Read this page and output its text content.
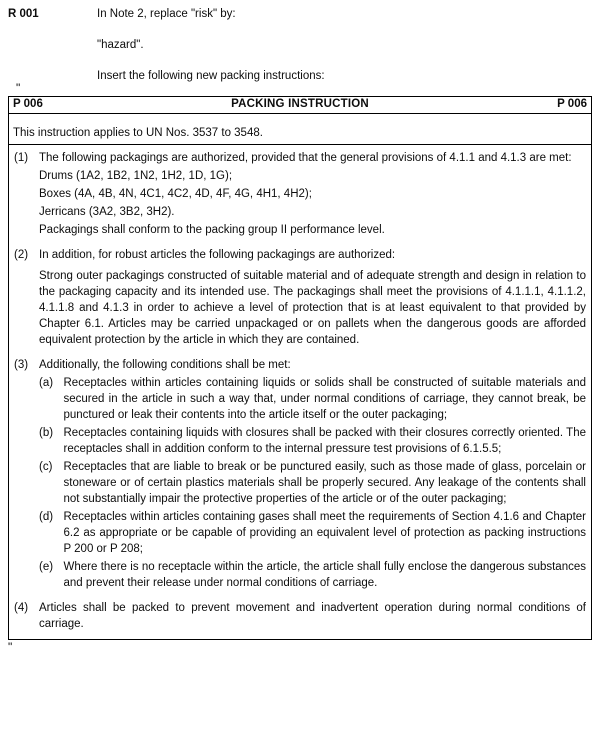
R 001	In Note 2, replace "risk" by:

"hazard".

Insert the following new packing instructions:

"
P 006	PACKING INSTRUCTION	P 006
This instruction applies to UN Nos. 3537 to 3548.
(1) The following packagings are authorized, provided that the general provisions of 4.1.1 and 4.1.3 are met:
Drums (1A2, 1B2, 1N2, 1H2, 1D, 1G);
Boxes (4A, 4B, 4N, 4C1, 4C2, 4D, 4F, 4G, 4H1, 4H2);
Jerricans (3A2, 3B2, 3H2).
Packagings shall conform to the packing group II performance level.
(2) In addition, for robust articles the following packagings are authorized:
Strong outer packagings constructed of suitable material and of adequate strength and design in relation to the packaging capacity and its intended use. The packagings shall meet the provisions of 4.1.1.1, 4.1.1.2, 4.1.1.8 and 4.1.3 in order to achieve a level of protection that is at least equivalent to that provided by Chapter 6.1. Articles may be carried unpackaged or on pallets when the dangerous goods are afforded equivalent protection by the article in which they are contained.
(3) Additionally, the following conditions shall be met:
(a) Receptacles within articles containing liquids or solids shall be constructed of suitable materials and secured in the article in such a way that, under normal conditions of carriage, they cannot break, be punctured or leak their contents into the article itself or the outer packaging;
(b) Receptacles containing liquids with closures shall be packed with their closures correctly oriented. The receptacles shall in addition conform to the internal pressure test provisions of 6.1.5.5;
(c) Receptacles that are liable to break or be punctured easily, such as those made of glass, porcelain or stoneware or of certain plastics materials shall be properly secured. Any leakage of the contents shall not substantially impair the protective properties of the article or of the outer packaging;
(d) Receptacles within articles containing gases shall meet the requirements of Section 4.1.6 and Chapter 6.2 as appropriate or be capable of providing an equivalent level of protection as packing instructions P 200 or P 208;
(e) Where there is no receptacle within the article, the article shall fully enclose the dangerous substances and prevent their release under normal conditions of carriage.
(4) Articles shall be packed to prevent movement and inadvertent operation during normal conditions of carriage.
"
